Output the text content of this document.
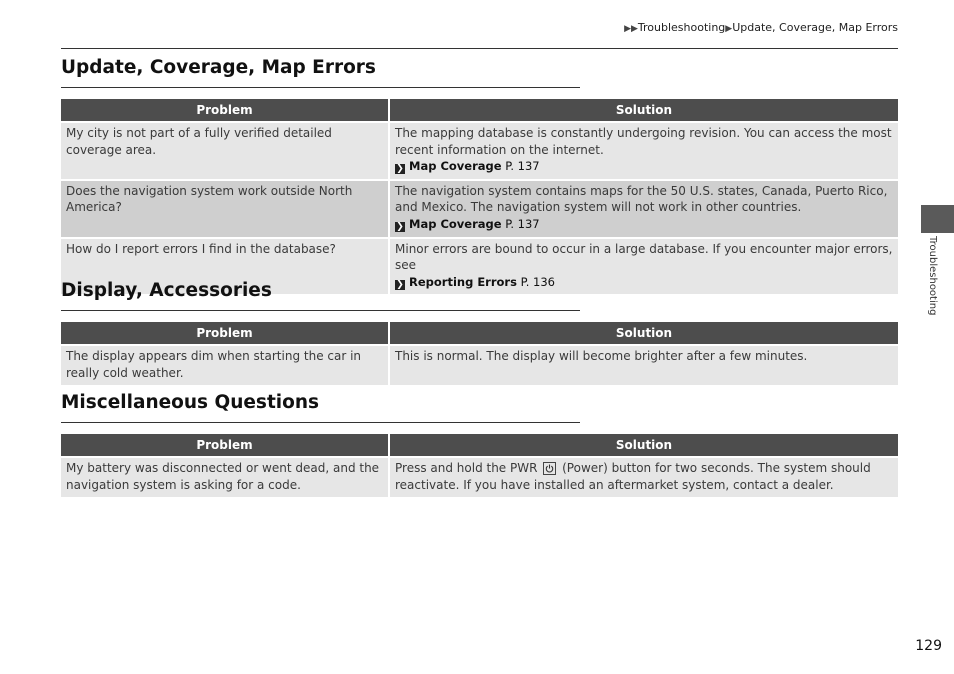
▶▶Troubleshooting▶Update, Coverage, Map Errors
Update, Coverage, Map Errors
Problem	Solution
My city is not part of a fully verified detailed coverage area.	The mapping database is constantly undergoing revision. You can access the most recent information on the internet.
❯ Map Coverage P. 137
Does the navigation system work outside North America?	The navigation system contains maps for the 50 U.S. states, Canada, Puerto Rico, and Mexico. The navigation system will not work in other countries.
❯ Map Coverage P. 137
How do I report errors I find in the database?	Minor errors are bound to occur in a large database. If you encounter major errors, see
❯ Reporting Errors P. 136
Display, Accessories
Problem	Solution
The display appears dim when starting the car in really cold weather.	This is normal. The display will become brighter after a few minutes.
Miscellaneous Questions
Problem	Solution
My battery was disconnected or went dead, and the navigation system is asking for a code.	Press and hold the PWR (Power) button for two seconds. The system should reactivate. If you have installed an aftermarket system, contact a dealer.
Troubleshooting
129
